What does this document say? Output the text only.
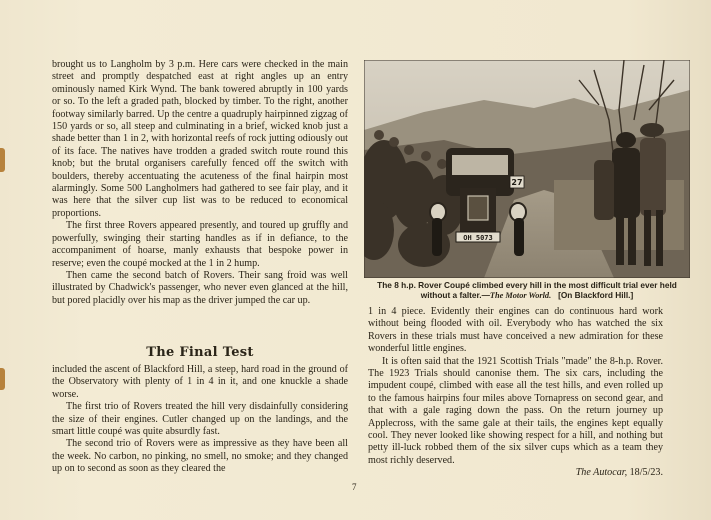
brought us to Langholm by 3 p.m. Here cars were checked in the main street and promptly despatched east at right angles up an entry ominously named Kirk Wynd. The bank towered abruptly in 100 yards or so. To the left a graded path, blocked by timber. To the right, another footway similarly barred. Up the centre a quadruply hairpinned zigzag of 150 yards or so, all steep and culminating in a brief, wicked knob just a shade better than 1 in 2, with horizontal reefs of rock jutting odiously out of its face. The natives have trodden a graded switch route round this knob; but the brutal organisers carefully fenced off the switch with boulders, thereby accentuating the acuteness of the final hairpin most alarmingly. Some 500 Langholmers had gathered to see fair play, and it was here that the silver cup list was to be reduced to economical proportions.

The first three Rovers appeared presently, and toured up gruffly and powerfully, swinging their starting handles as if in defiance, to the accompaniment of hoarse, manly exhausts that bespoke power in reserve; even the coupé mocked at the 1 in 2 hump.

Then came the second batch of Rovers. Their sang froid was well illustrated by Chadwick's passenger, who never even glanced at the hill, but pored placidly over his map as the driver jumped the car up.

The Final Test

included the ascent of Blackford Hill, a steep, hard road in the ground of the Observatory with plenty of 1 in 4 in it, and one knuckle a shade worse.

The first trio of Rovers treated the hill very disdainfully considering the size of their engines. Cutler changed up on the landings, and the smart little coupé was quite absurdly fast.

The second trio of Rovers were as impressive as they have been all the week. No carbon, no pinking, no smell, no smoke; and they changed up on to second as soon as they cleared the

OH 5073
27
The 8 h.p. Rover Coupé climbed every hill in the most difficult trial ever held without a falter.—The Motor World. [On Blackford Hill.]

1 in 4 piece. Evidently their engines can do continuous hard work without being flooded with oil. Everybody who has watched the six Rovers in these trials must have conceived a new admiration for these wonderful little engines.

It is often said that the 1921 Scottish Trials "made" the 8-h.p. Rover. The 1923 Trials should canonise them. The six cars, including the impudent coupé, climbed with ease all the test hills, and even rolled up to the famous hairpins four miles above Tornapress on second gear, and that with a gale raging down the pass. On the return journey up Applecross, with the same gale at their tails, the engines kept equally cool. They never looked like showing respect for a hill, and nothing but petty ill-luck robbed them of the six silver cups which as a team they most richly deserved.

The Autocar, 18/5/23.
7
